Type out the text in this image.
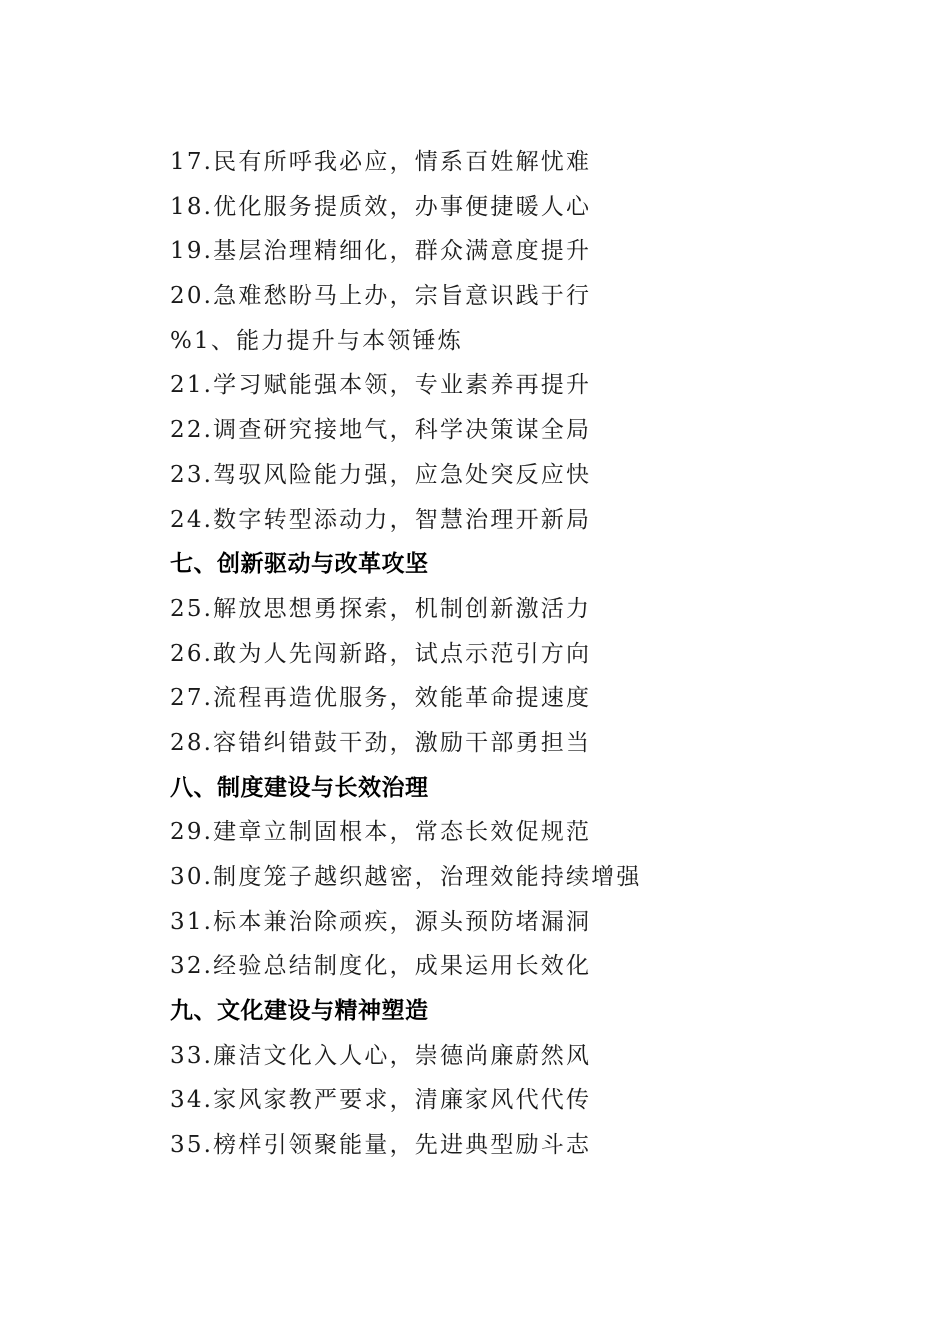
17.民有所呼我必应，情系百姓解忧难
18.优化服务提质效，办事便捷暖人心
19.基层治理精细化，群众满意度提升
20.急难愁盼马上办，宗旨意识践于行
%1、能力提升与本领锤炼
21.学习赋能强本领，专业素养再提升
22.调查研究接地气，科学决策谋全局
23.驾驭风险能力强，应急处突反应快
24.数字转型添动力，智慧治理开新局
七、创新驱动与改革攻坚
25.解放思想勇探索，机制创新激活力
26.敢为人先闯新路，试点示范引方向
27.流程再造优服务，效能革命提速度
28.容错纠错鼓干劲，激励干部勇担当
八、制度建设与长效治理
29.建章立制固根本，常态长效促规范
30.制度笼子越织越密，治理效能持续增强
31.标本兼治除顽疾，源头预防堵漏洞
32.经验总结制度化，成果运用长效化
九、文化建设与精神塑造
33.廉洁文化入人心，崇德尚廉蔚然风
34.家风家教严要求，清廉家风代代传
35.榜样引领聚能量，先进典型励斗志
